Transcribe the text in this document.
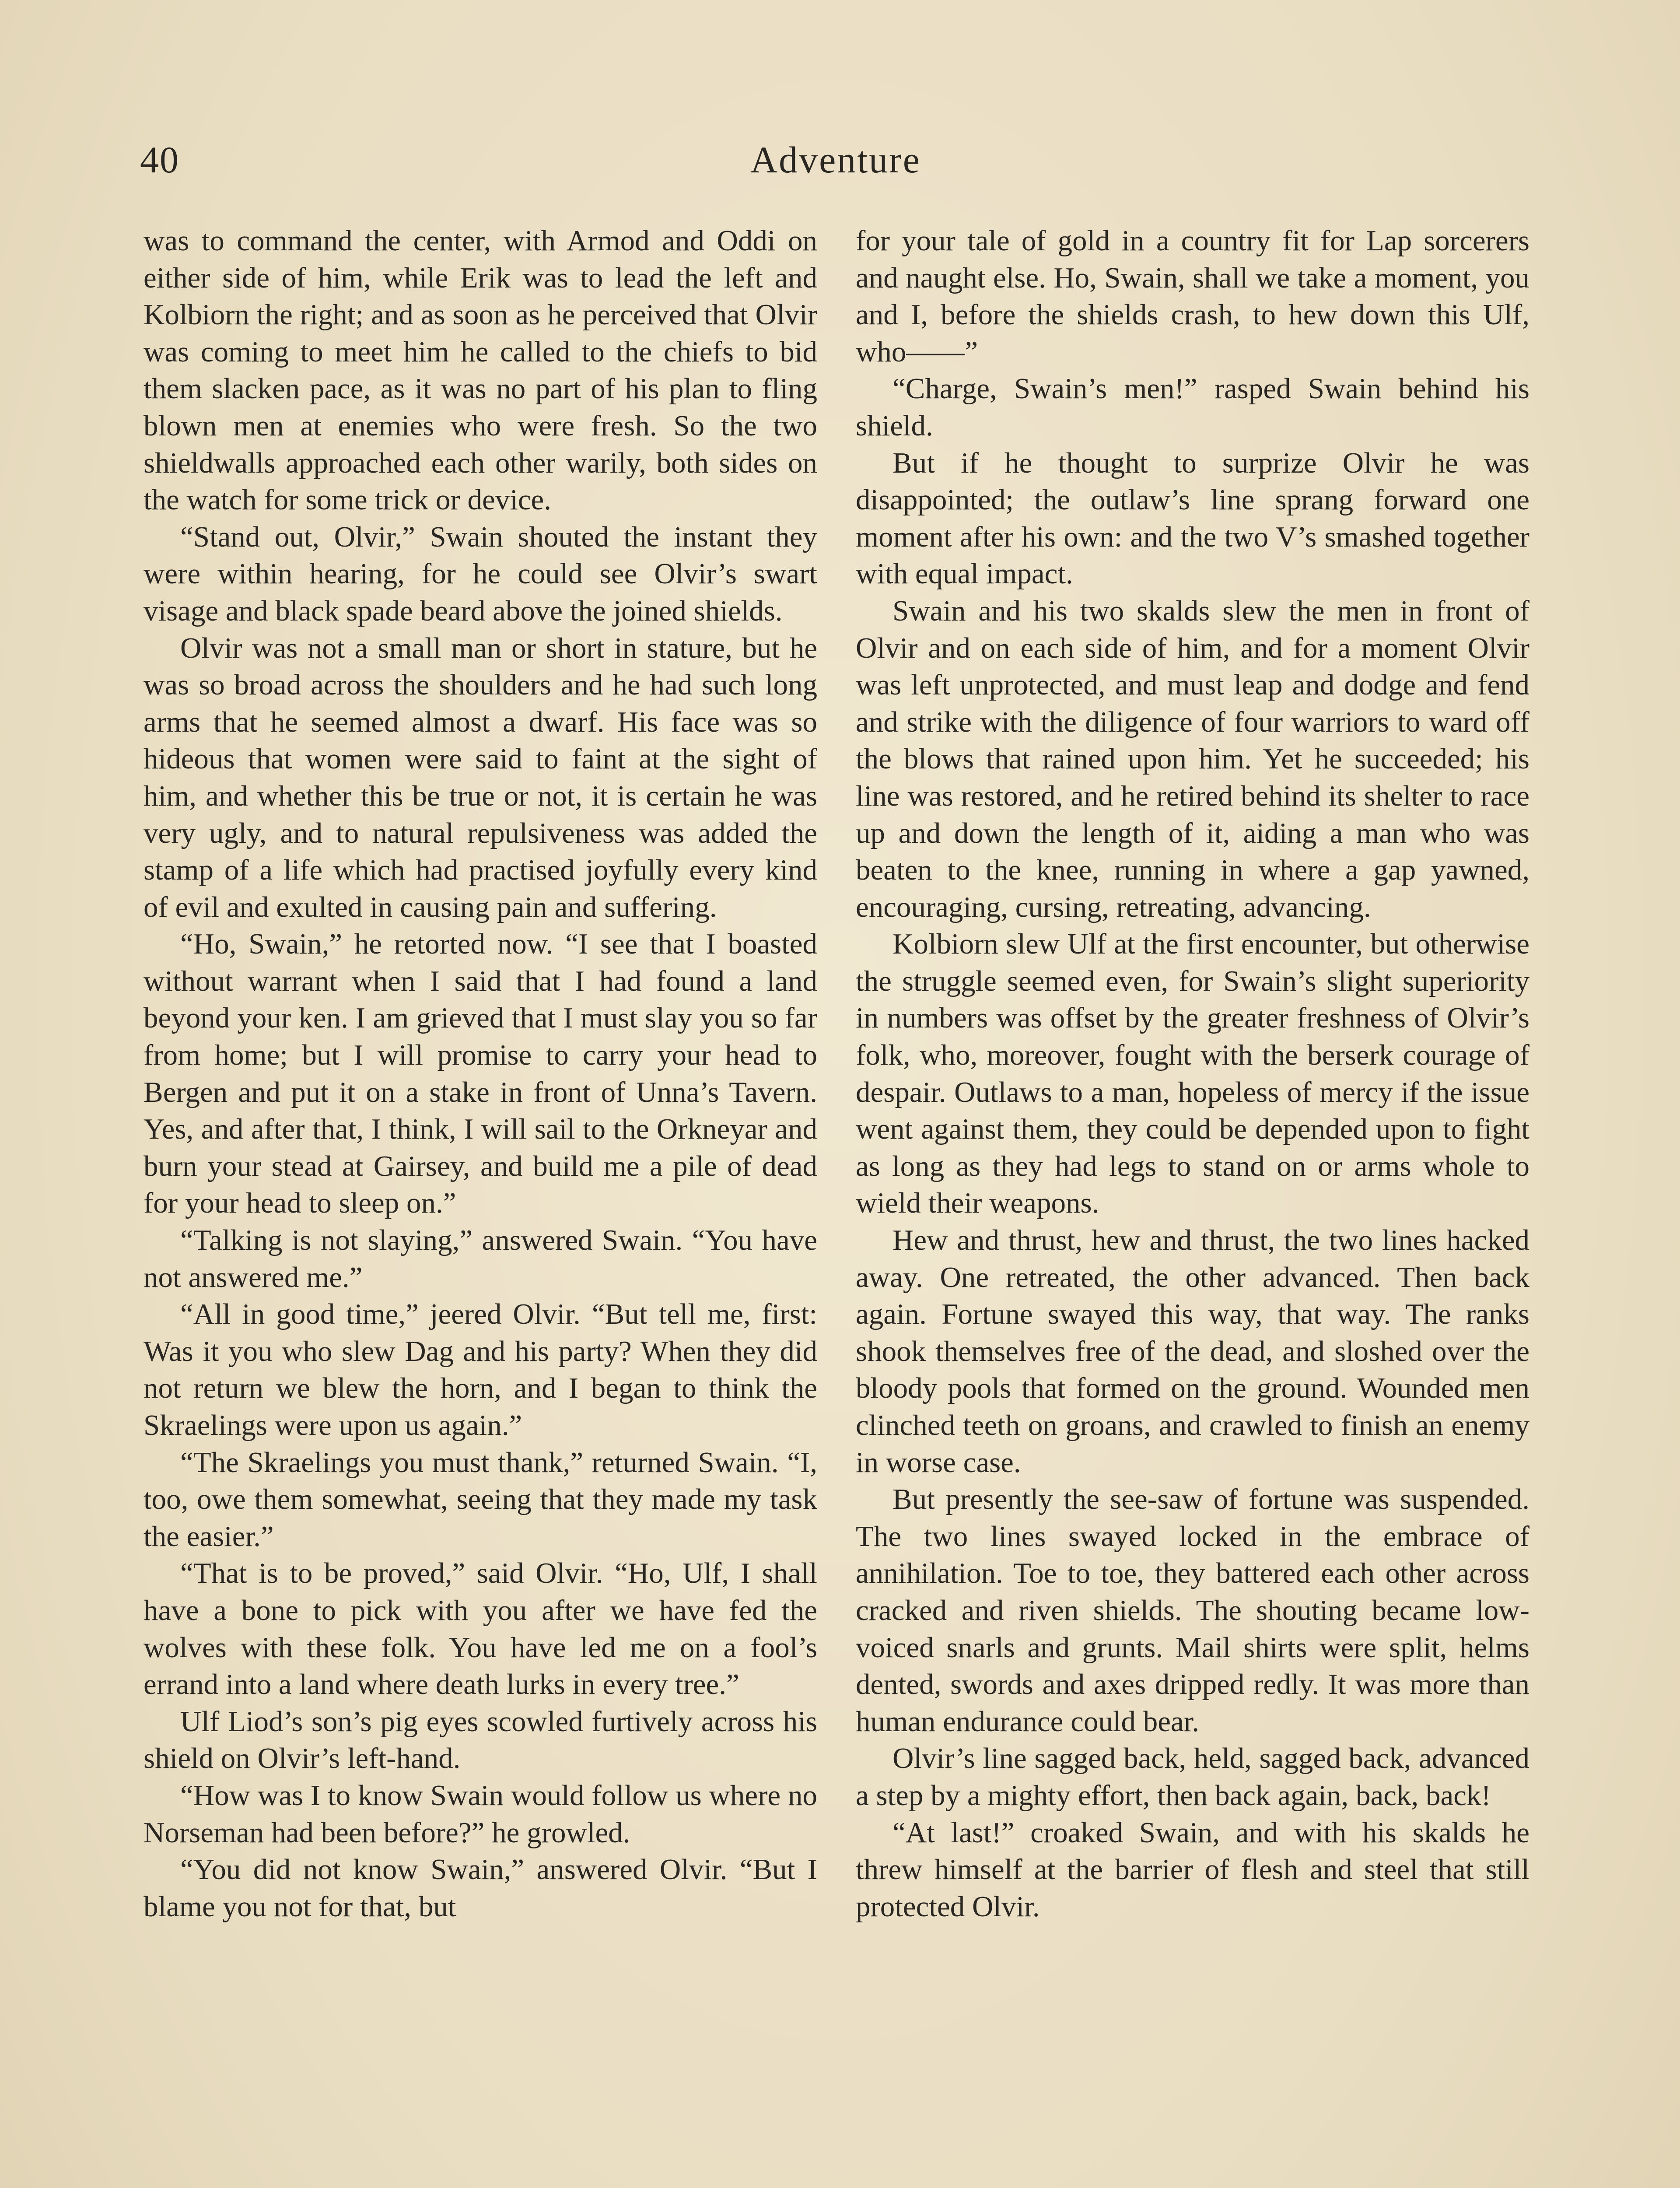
40	Adventure

was to command the center, with Armod and Oddi on either side of him, while Erik was to lead the left and Kolbiorn the right; and as soon as he perceived that Olvir was coming to meet him he called to the chiefs to bid them slacken pace, as it was no part of his plan to fling blown men at enemies who were fresh. So the two shieldwalls approached each other warily, both sides on the watch for some trick or device.

“Stand out, Olvir,” Swain shouted the instant they were within hearing, for he could see Olvir’s swart visage and black spade beard above the joined shields.

Olvir was not a small man or short in stature, but he was so broad across the shoulders and he had such long arms that he seemed almost a dwarf. His face was so hideous that women were said to faint at the sight of him, and whether this be true or not, it is certain he was very ugly, and to natural repulsiveness was added the stamp of a life which had practised joyfully every kind of evil and exulted in causing pain and suffering.

“Ho, Swain,” he retorted now. “I see that I boasted without warrant when I said that I had found a land beyond your ken. I am grieved that I must slay you so far from home; but I will promise to carry your head to Bergen and put it on a stake in front of Unna’s Tavern. Yes, and after that, I think, I will sail to the Orkneyar and burn your stead at Gairsey, and build me a pile of dead for your head to sleep on.”

“Talking is not slaying,” answered Swain. “You have not answered me.”

“All in good time,” jeered Olvir. “But tell me, first: Was it you who slew Dag and his party? When they did not return we blew the horn, and I began to think the Skraelings were upon us again.”

“The Skraelings you must thank,” returned Swain. “I, too, owe them somewhat, seeing that they made my task the easier.”

“That is to be proved,” said Olvir. “Ho, Ulf, I shall have a bone to pick with you after we have fed the wolves with these folk. You have led me on a fool’s errand into a land where death lurks in every tree.”

Ulf Liod’s son’s pig eyes scowled furtively across his shield on Olvir’s left-hand.

“How was I to know Swain would follow us where no Norseman had been before?” he growled.

“You did not know Swain,” answered Olvir. “But I blame you not for that, but

for your tale of gold in a country fit for Lap sorcerers and naught else. Ho, Swain, shall we take a moment, you and I, before the shields crash, to hew down this Ulf, who——”

“Charge, Swain’s men!” rasped Swain behind his shield.

But if he thought to surprize Olvir he was disappointed; the outlaw’s line sprang forward one moment after his own: and the two V’s smashed together with equal impact.

Swain and his two skalds slew the men in front of Olvir and on each side of him, and for a moment Olvir was left unprotected, and must leap and dodge and fend and strike with the diligence of four warriors to ward off the blows that rained upon him. Yet he succeeded; his line was restored, and he retired behind its shelter to race up and down the length of it, aiding a man who was beaten to the knee, running in where a gap yawned, encouraging, cursing, retreating, advancing.

Kolbiorn slew Ulf at the first encounter, but otherwise the struggle seemed even, for Swain’s slight superiority in numbers was offset by the greater freshness of Olvir’s folk, who, moreover, fought with the berserk courage of despair. Outlaws to a man, hopeless of mercy if the issue went against them, they could be depended upon to fight as long as they had legs to stand on or arms whole to wield their weapons.

Hew and thrust, hew and thrust, the two lines hacked away. One retreated, the other advanced. Then back again. Fortune swayed this way, that way. The ranks shook themselves free of the dead, and sloshed over the bloody pools that formed on the ground. Wounded men clinched teeth on groans, and crawled to finish an enemy in worse case.

But presently the see-saw of fortune was suspended. The two lines swayed locked in the embrace of annihilation. Toe to toe, they battered each other across cracked and riven shields. The shouting became low-voiced snarls and grunts. Mail shirts were split, helms dented, swords and axes dripped redly. It was more than human endurance could bear.

Olvir’s line sagged back, held, sagged back, advanced a step by a mighty effort, then back again, back, back!

“At last!” croaked Swain, and with his skalds he threw himself at the barrier of flesh and steel that still protected Olvir.
